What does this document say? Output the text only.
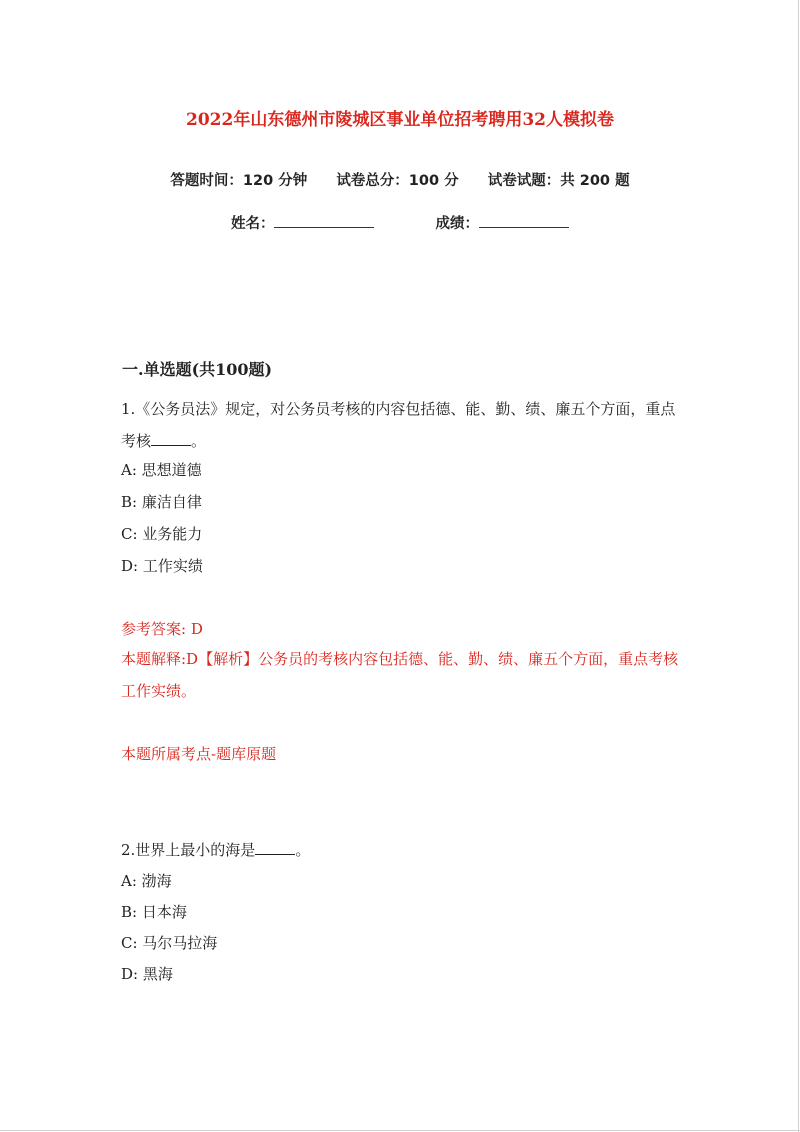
2022年山东德州市陵城区事业单位招考聘用32人模拟卷
答题时间：120 分钟 试卷总分：100 分 试卷试题：共 200 题
姓名：	成绩：
一.单选题(共100题)
1.《公务员法》规定，对公务员考核的内容包括德、能、勤、绩、廉五个方面，重点考核	。
A: 思想道德
B: 廉洁自律
C: 业务能力
D: 工作实绩
参考答案: D
本题解释:D【解析】公务员的考核内容包括德、能、勤、绩、廉五个方面，重点考核工作实绩。
本题所属考点-题库原题
2.世界上最小的海是	。
A: 渤海
B: 日本海
C: 马尔马拉海
D: 黑海
